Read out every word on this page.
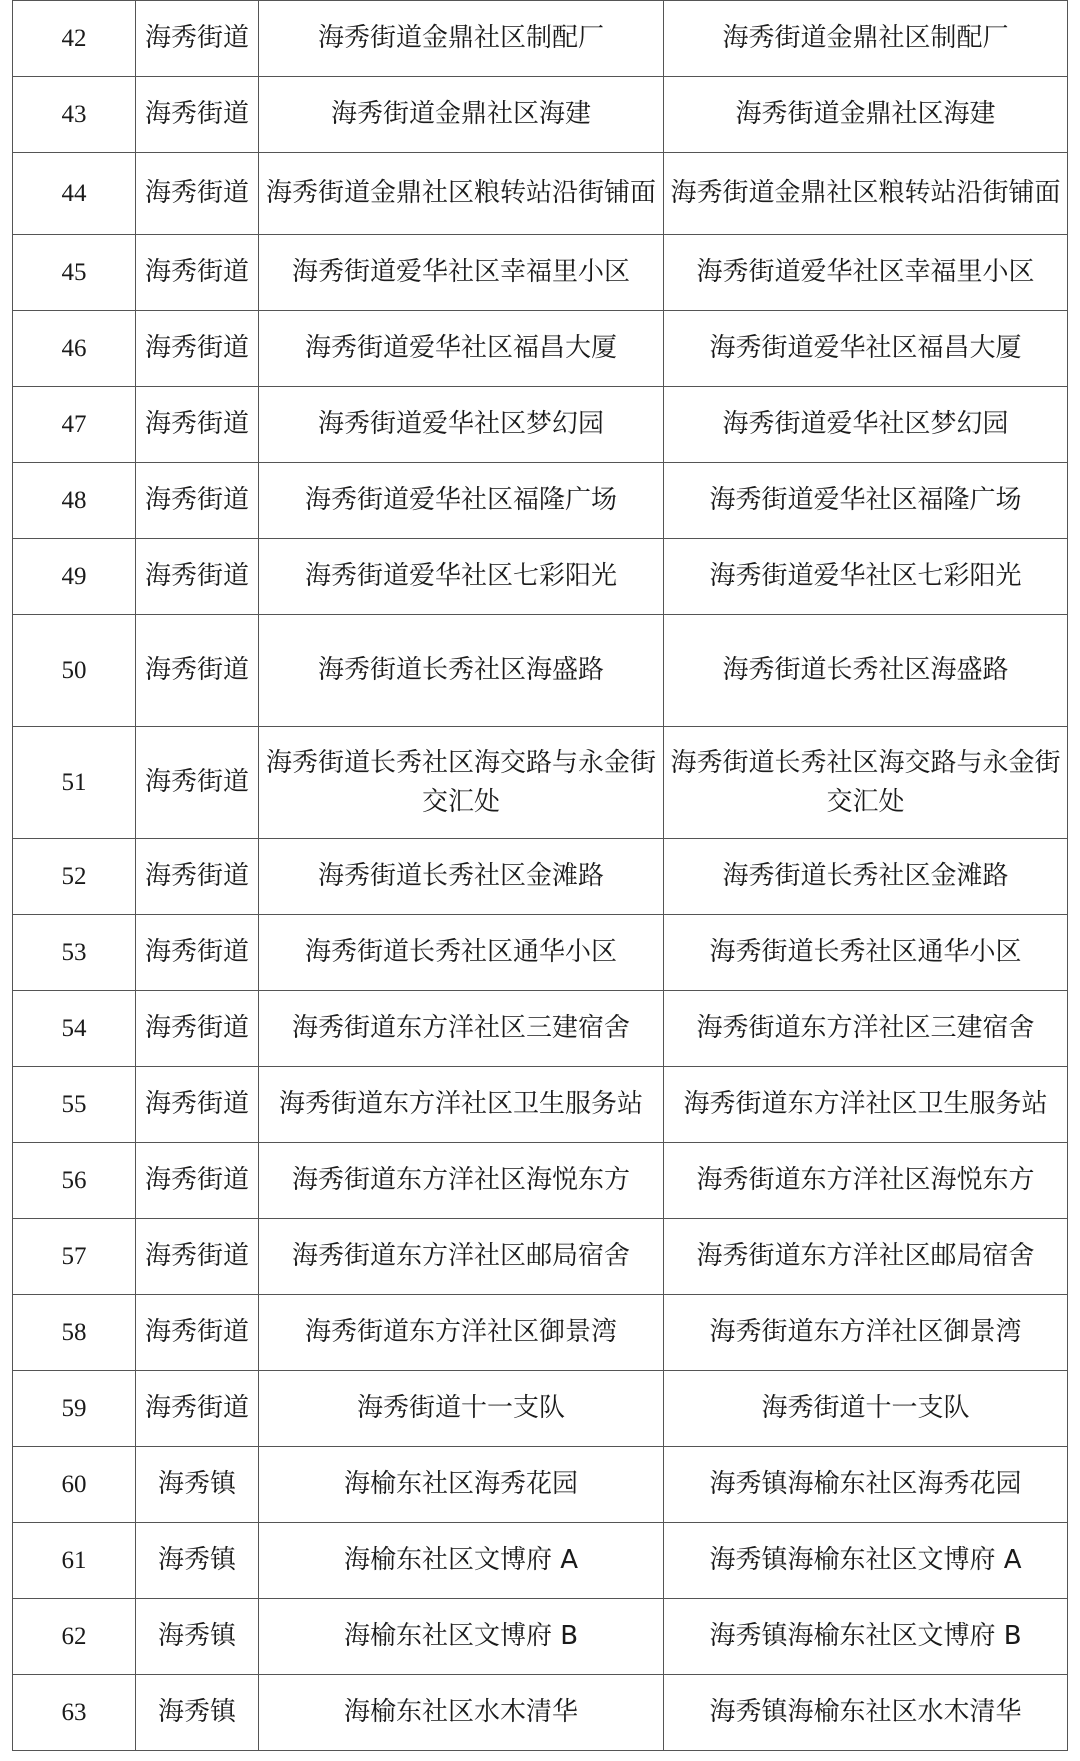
42	海秀街道	海秀街道金鼎社区制配厂	海秀街道金鼎社区制配厂
43	海秀街道	海秀街道金鼎社区海建	海秀街道金鼎社区海建
44	海秀街道	海秀街道金鼎社区粮转站沿街铺面	海秀街道金鼎社区粮转站沿街铺面
45	海秀街道	海秀街道爱华社区幸福里小区	海秀街道爱华社区幸福里小区
46	海秀街道	海秀街道爱华社区福昌大厦	海秀街道爱华社区福昌大厦
47	海秀街道	海秀街道爱华社区梦幻园	海秀街道爱华社区梦幻园
48	海秀街道	海秀街道爱华社区福隆广场	海秀街道爱华社区福隆广场
49	海秀街道	海秀街道爱华社区七彩阳光	海秀街道爱华社区七彩阳光
50	海秀街道	海秀街道长秀社区海盛路	海秀街道长秀社区海盛路
51	海秀街道	海秀街道长秀社区海交路与永金街交汇处	海秀街道长秀社区海交路与永金街交汇处
52	海秀街道	海秀街道长秀社区金滩路	海秀街道长秀社区金滩路
53	海秀街道	海秀街道长秀社区通华小区	海秀街道长秀社区通华小区
54	海秀街道	海秀街道东方洋社区三建宿舍	海秀街道东方洋社区三建宿舍
55	海秀街道	海秀街道东方洋社区卫生服务站	海秀街道东方洋社区卫生服务站
56	海秀街道	海秀街道东方洋社区海悦东方	海秀街道东方洋社区海悦东方
57	海秀街道	海秀街道东方洋社区邮局宿舍	海秀街道东方洋社区邮局宿舍
58	海秀街道	海秀街道东方洋社区御景湾	海秀街道东方洋社区御景湾
59	海秀街道	海秀街道十一支队	海秀街道十一支队
60	海秀镇	海榆东社区海秀花园	海秀镇海榆东社区海秀花园
61	海秀镇	海榆东社区文博府 A	海秀镇海榆东社区文博府 A
62	海秀镇	海榆东社区文博府 B	海秀镇海榆东社区文博府 B
63	海秀镇	海榆东社区水木清华	海秀镇海榆东社区水木清华
